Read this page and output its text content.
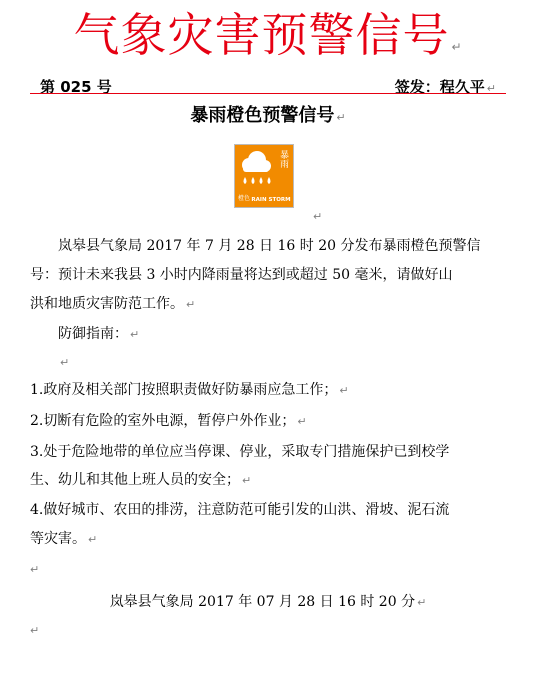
气象灾害预警信号 ↵
第 025 号	签发：程久平 ↵
暴雨橙色预警信号 ↵
暴雨
橙色 RAIN STORM
↵
岚皋县气象局 2017 年 7 月 28 日 16 时 20 分发布暴雨橙色预警信
号：预计未来我县 3 小时内降雨量将达到或超过 50 毫米，请做好山
洪和地质灾害防范工作。 ↵
防御指南： ↵
↵
1.政府及相关部门按照职责做好防暴雨应急工作； ↵
2.切断有危险的室外电源，暂停户外作业； ↵
3.处于危险地带的单位应当停课、停业，采取专门措施保护已到校学
生、幼儿和其他上班人员的安全； ↵
4.做好城市、农田的排涝，注意防范可能引发的山洪、滑坡、泥石流
等灾害。 ↵
↵
岚皋县气象局 2017 年 07 月 28 日 16 时 20 分 ↵
↵
